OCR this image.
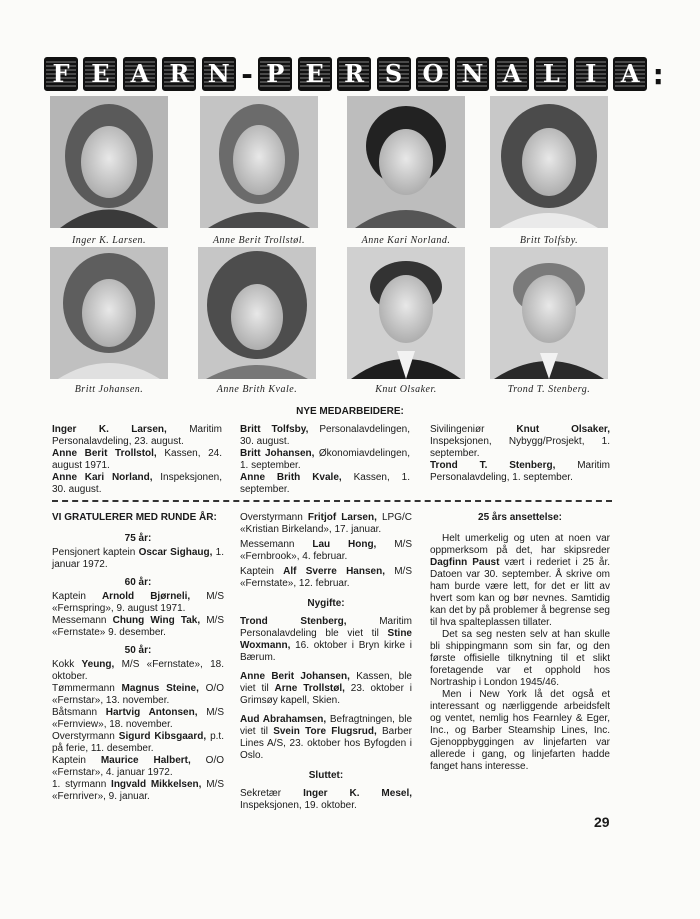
F E A R N - P E R S O N A L	I	A :
Inger K. Larsen.	Anne Berit Trollstøl.	Anne Kari Norland.	Britt Tolfsby.
Britt Johansen.	Anne Brith Kvale.	Knut Olsaker.	Trond T. Stenberg.
NYE MEDARBEIDERE:

Inger K. Larsen, Maritim Personalavdeling, 23. august.

Anne Berit Trollstol, Kassen, 24. august 1971.

Anne Kari Norland, Inspeksjonen, 30. august.

Britt Tolfsby, Personalavdelingen, 30. august.

Britt Johansen, Økonomiavdelingen, 1. september.

Anne Brith Kvale, Kassen, 1. september.

Sivilingeniør Knut Olsaker, Inspeksjonen, Nybygg/Prosjekt, 1. september.

Trond T. Stenberg, Maritim Personalavdeling, 1. september.

VI GRATULERER MED RUNDE ÅR:

75 år:

Pensjonert kaptein Oscar Sighaug, 1. januar 1972.

60 år:

Kaptein Arnold Bjørneli, M/S «Fernspring», 9. august 1971.

Messemann Chung Wing Tak, M/S «Fernstate» 9. desember.

50 år:

Kokk Yeung, M/S «Fernstate», 18. oktober.

Tømmermann Magnus Steine, O/O «Fernstar», 13. november.

Båtsmann Hartvig Antonsen, M/S «Fernview», 18. november.

Overstyrmann Sigurd Kibsgaard, p.t. på ferie, 11. desember.

Kaptein Maurice Halbert, O/O «Fernstar», 4. januar 1972.

1. styrmann Ingvald Mikkelsen, M/S «Fernriver», 9. januar.

Overstyrmann Fritjof Larsen, LPG/C «Kristian Birkeland», 17. januar.

Messemann Lau Hong, M/S «Fernbrook», 4. februar.

Kaptein Alf Sverre Hansen, M/S «Fernstate», 12. februar.

Nygifte:

Trond Stenberg, Maritim Personalavdeling ble viet til Stine Woxmann, 16. oktober i Bryn kirke i Bærum.

Anne Berit Johansen, Kassen, ble viet til Arne Trollstøl, 23. oktober i Grimsøy kapell, Skien.

Aud Abrahamsen, Befragtningen, ble viet til Svein Tore Flugsrud, Barber Lines A/S, 23. oktober hos Byfogden i Oslo.

Sluttet:

Sekretær Inger K. Mesel, Inspeksjonen, 19. oktober.

25 års ansettelse:

Helt umerkelig og uten at noen var oppmerksom på det, har skipsreder Dagfinn Paust vært i rederiet i 25 år. Datoen var 30. september. Å skrive om ham burde være lett, for det er litt av hvert som kan og bør nevnes. Samtidig kan det by på problemer å begrense seg til hva spalteplassen tillater.

Det sa seg nesten selv at han skulle bli shippingmann som sin far, og den første offisielle tilknytning til et slikt foretagende var et opphold hos Nortraship i London 1945/46.

Men i New York lå det også et interessant og nærliggende arbeidsfelt og ventet, nemlig hos Fearnley & Eger, Inc., og Barber Steamship Lines, Inc. Gjenoppbyggingen av linjefarten var allerede i gang, og linjefarten hadde fanget hans interesse.

29
